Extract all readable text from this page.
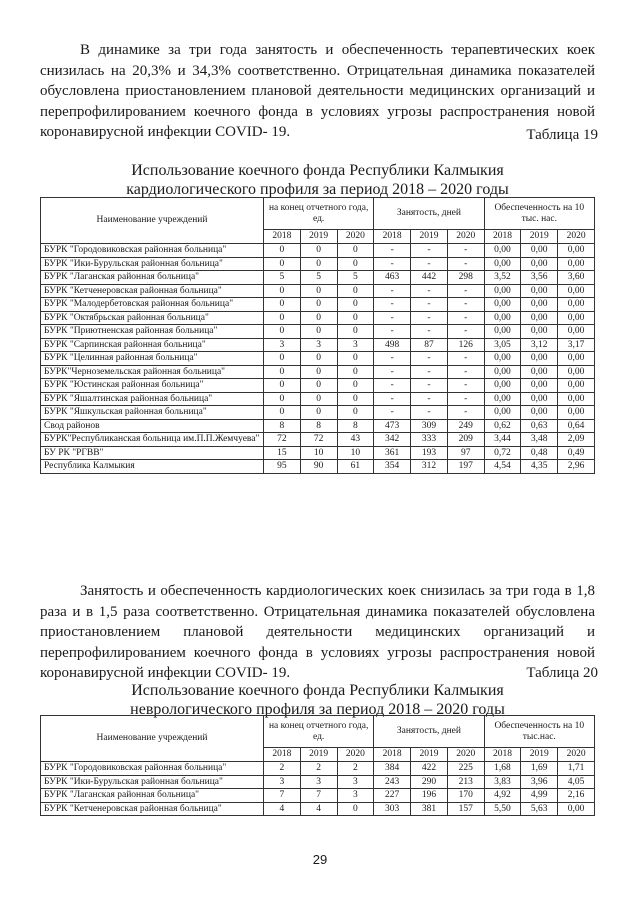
В динамике за три года занятость и обеспеченность терапевтических коек снизилась на 20,3% и 34,3% соответственно. Отрицательная динамика показателей обусловлена приостановлением плановой деятельности медицинских организаций и перепрофилированием коечного фонда в условиях угрозы распространения новой коронавирусной инфекции COVID- 19.	Таблица 19

Использование коечного фонда Республики Калмыкия
кардиологического профиля за период 2018 – 2020 годы

Наименование учреждений	на конец отчетного года, ед.			Занятость, дней			Обеспеченность на 10 тыс. нас.		
	2018	2019	2020	2018	2019	2020	2018	2019	2020
БУРК "Городовиковская районная больница"	0	0	0	-	-	-	0,00	0,00	0,00
БУРК "Ики-Бурульская районная больница"	0	0	0	-	-	-	0,00	0,00	0,00
БУРК "Лаганская районная больница"	5	5	5	463	442	298	3,52	3,56	3,60
БУРК "Кетченеровская районная больница"	0	0	0	-	-	-	0,00	0,00	0,00
БУРК "Малодербетовская районная больница"	0	0	0	-	-	-	0,00	0,00	0,00
БУРК "Октябрьская районная больница"	0	0	0	-	-	-	0,00	0,00	0,00
БУРК "Приютненская районная больница"	0	0	0	-	-	-	0,00	0,00	0,00
БУРК "Сарпинская районная больница"	3	3	3	498	87	126	3,05	3,12	3,17
БУРК "Целинная районная больница"	0	0	0	-	-	-	0,00	0,00	0,00
БУРК"Черноземельская районная больница"	0	0	0	-	-	-	0,00	0,00	0,00
БУРК "Юстинская районная больница"	0	0	0	-	-	-	0,00	0,00	0,00
БУРК "Яшалтинская районная больница"	0	0	0	-	-	-	0,00	0,00	0,00
БУРК "Яшкульская районная больница"	0	0	0	-	-	-	0,00	0,00	0,00
Свод районов	8	8	8	473	309	249	0,62	0,63	0,64
БУРК"Республиканская больница им.П.П.Жемчуева"	72	72	43	342	333	209	3,44	3,48	2,09
БУ РК "РГВВ"	15	10	10	361	193	97	0,72	0,48	0,49
Республика Калмыкия	95	90	61	354	312	197	4,54	4,35	2,96

Занятость и обеспеченность кардиологических коек снизилась за три года в 1,8 раза и в 1,5 раза соответственно. Отрицательная динамика показателей обусловлена приостановлением плановой деятельности медицинских организаций и перепрофилированием коечного фонда в условиях угрозы распространения новой коронавирусной инфекции COVID- 19.	Таблица 20

Использование коечного фонда Республики Калмыкия
неврологического профиля за период 2018 – 2020 годы

Наименование учреждений	на конец отчетного года, ед.			Занятость, дней			Обеспеченность на 10 тыс.нас.		
	2018	2019	2020	2018	2019	2020	2018	2019	2020
БУРК "Городовиковская районная больница"	2	2	2	384	422	225	1,68	1,69	1,71
БУРК "Ики-Бурульская районная больница"	3	3	3	243	290	213	3,83	3,96	4,05
БУРК "Лаганская районная больница"	7	7	3	227	196	170	4,92	4,99	2,16
БУРК "Кетченеровская районная больница"	4	4	0	303	381	157	5,50	5,63	0,00
29
